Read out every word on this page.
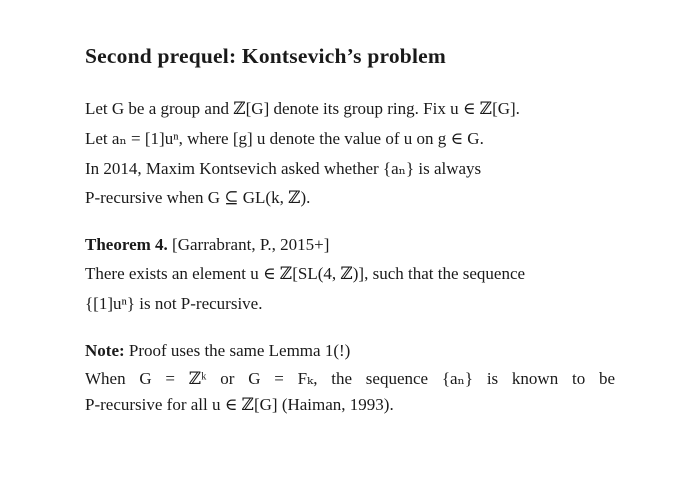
Second prequel: Kontsevich’s problem
Let G be a group and ℤ[G] denote its group ring. Fix u ∈ ℤ[G].
Let aₙ = [1]uⁿ, where [g] u denote the value of u on g ∈ G.
In 2014, Maxim Kontsevich asked whether {aₙ} is always
P-recursive when G ⊆ GL(k, ℤ).
Theorem 4. [Garrabrant, P., 2015+]
There exists an element u ∈ ℤ[SL(4, ℤ)], such that the sequence
{[1]uⁿ} is not P-recursive.
Note: Proof uses the same Lemma 1(!)
When G = ℤᵏ or G = Fₖ, the sequence {aₙ} is known to be
P-recursive for all u ∈ ℤ[G] (Haiman, 1993).
